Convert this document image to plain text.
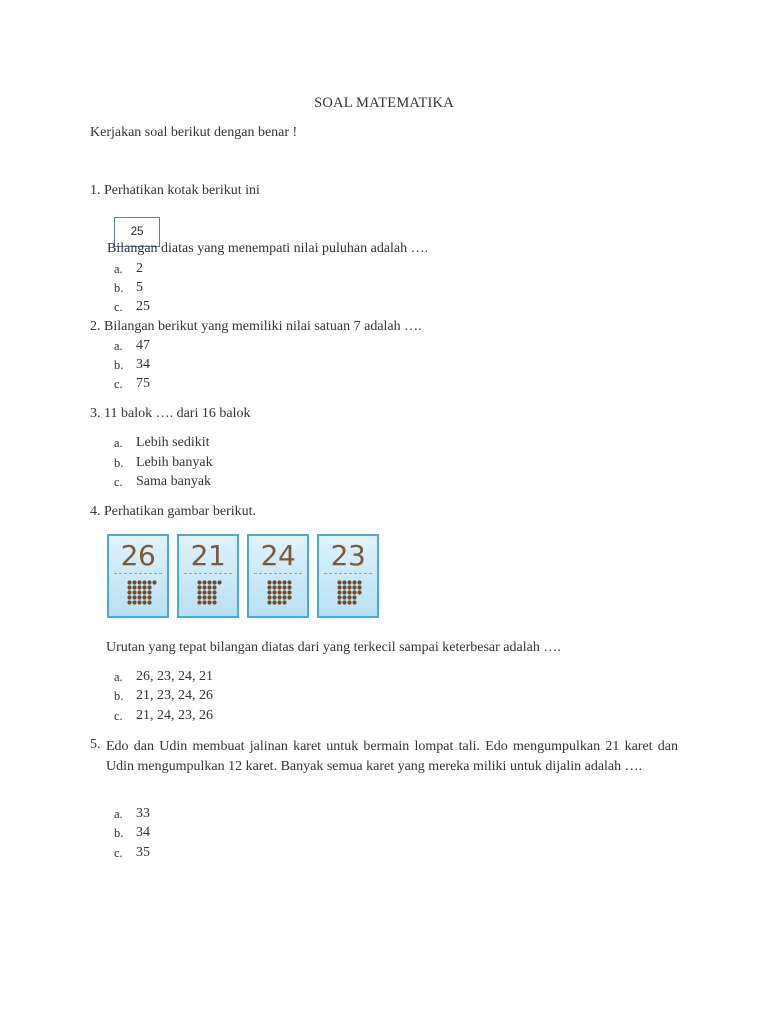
SOAL MATEMATIKA
Kerjakan soal berikut dengan benar !
1. Perhatikan kotak berikut ini
25
Bilangan diatas yang menempati nilai puluhan adalah ….
a. 2
b. 5
c. 25
2. Bilangan berikut yang memiliki nilai satuan 7 adalah ….
a. 47
b. 34
c. 75
3. 11 balok …. dari 16 balok
a. Lebih sedikit
b. Lebih banyak
c. Sama banyak
4. Perhatikan gambar berikut.
26	21	24	23
Urutan yang tepat bilangan diatas dari yang terkecil sampai keterbesar adalah ….
a. 26, 23, 24, 21
b. 21, 23, 24, 26
c. 21, 24, 23, 26
5. Edo dan Udin membuat jalinan karet untuk bermain lompat tali. Edo mengumpulkan 21 karet dan Udin mengumpulkan 12 karet. Banyak semua karet yang mereka miliki untuk dijalin adalah ….
a. 33
b. 34
c. 35
